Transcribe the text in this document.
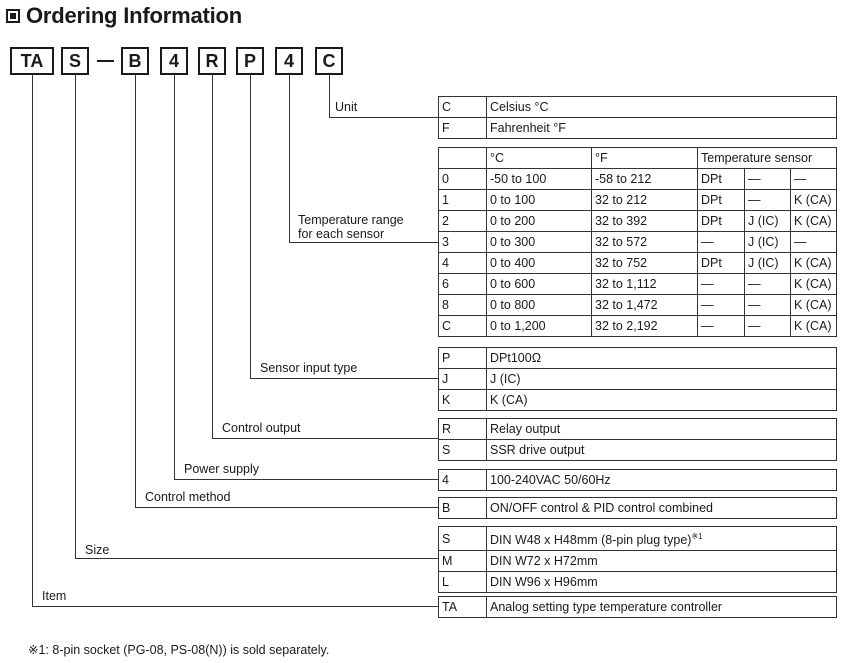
Ordering Information
TA	S	B	4	R	P	4	C
Unit
Temperature range
for each sensor
Sensor input type
Control output
Power supply
Control method
Size
Item
C	Celsius °C
F	Fahrenheit °F
	°C	°F	Temperature sensor		
0	-50 to 100	-58 to 212	DPt	—	—
1	0 to 100	32 to 212	DPt	—	K (CA)
2	0 to 200	32 to 392	DPt	J (IC)	K (CA)
3	0 to 300	32 to 572	—	J (IC)	—
4	0 to 400	32 to 752	DPt	J (IC)	K (CA)
6	0 to 600	32 to 1,112	—	—	K (CA)
8	0 to 800	32 to 1,472	—	—	K (CA)
C	0 to 1,200	32 to 2,192	—	—	K (CA)
P	DPt100Ω
J	J (IC)
K	K (CA)
R	Relay output
S	SSR drive output
4	100-240VAC 50/60Hz
B	ON/OFF control & PID control combined
S	DIN W48 x H48mm (8-pin plug type)$^{※1}$
M	DIN W72 x H72mm
L	DIN W96 x H96mm
TA	Analog setting type temperature controller
※1: 8-pin socket (PG-08, PS-08(N)) is sold separately.
